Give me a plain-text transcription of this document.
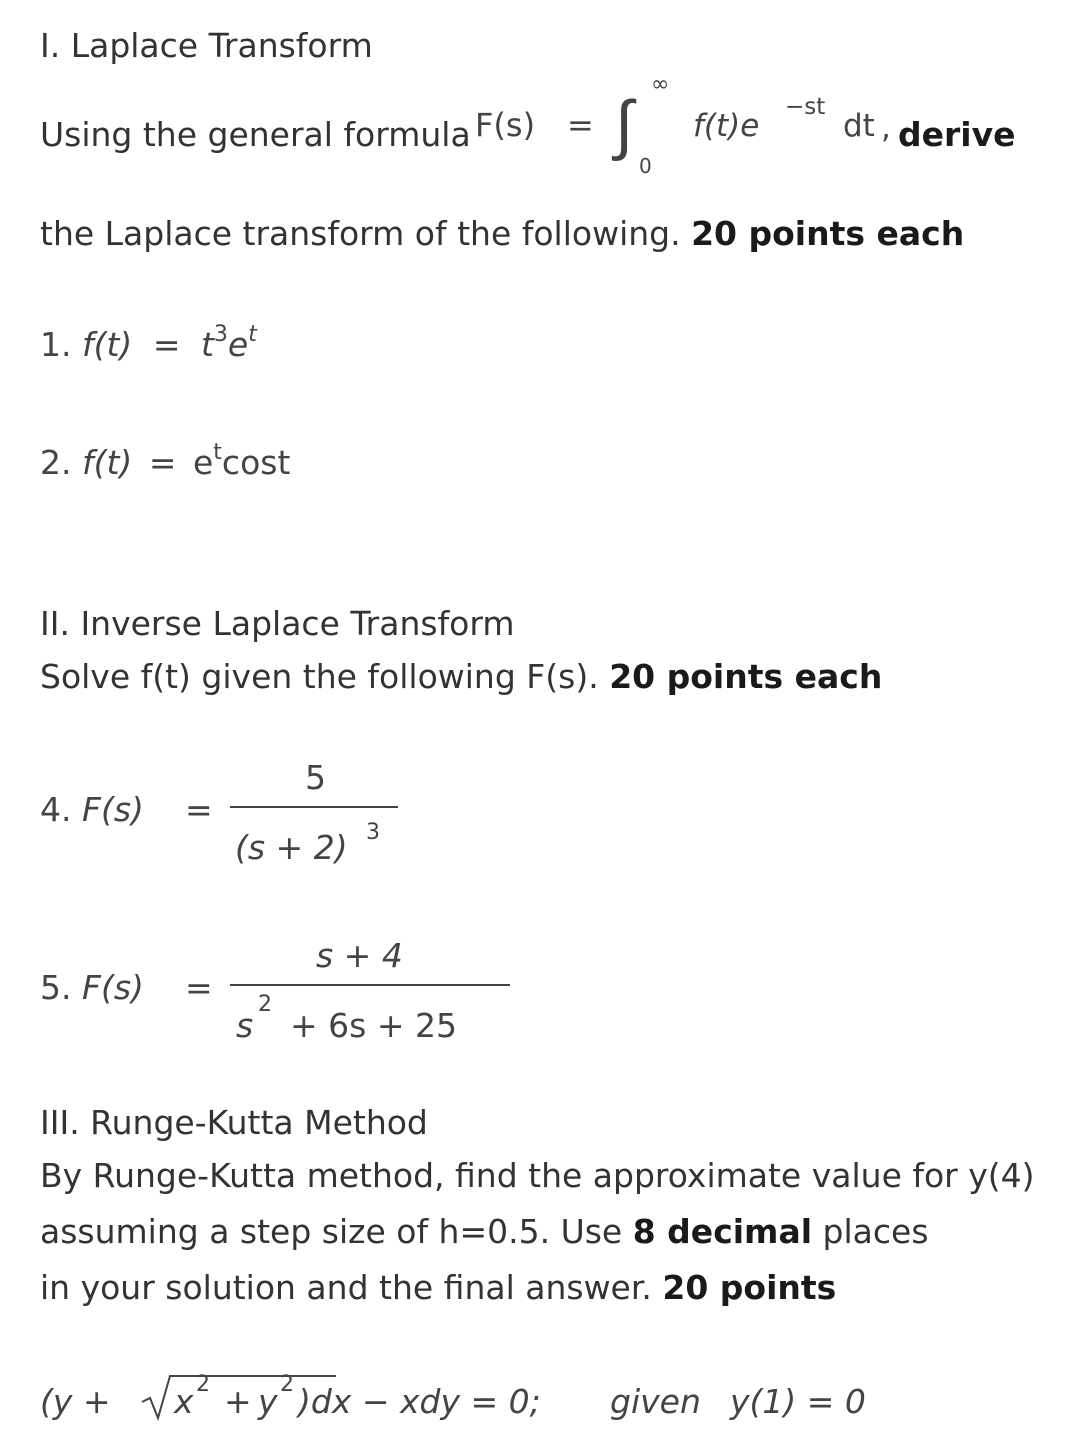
I. Laplace Transform
Using the general formula F(s) = ∫
∞
0
f(t)e
−st
dt , derive
the Laplace transform of the following. 20 points each
1. $f(t) = t^3e^t$
2. $f(t) = e^t\cos t$
II. Inverse Laplace Transform
Solve f(t) given the following F(s). 20 points each
4. F(s) =
5
(s + 2) 3
5. F(s) =
s + 4
s
2
+ 6s + 25
III. Runge-Kutta Method
By Runge-Kutta method, find the approximate value for y(4)
assuming a step size of h=0.5. Use 8 decimal places
in your solution and the final answer. 20 points
(y + x 2 + y 2 )dx − xdy = 0; given y(1) = 0
